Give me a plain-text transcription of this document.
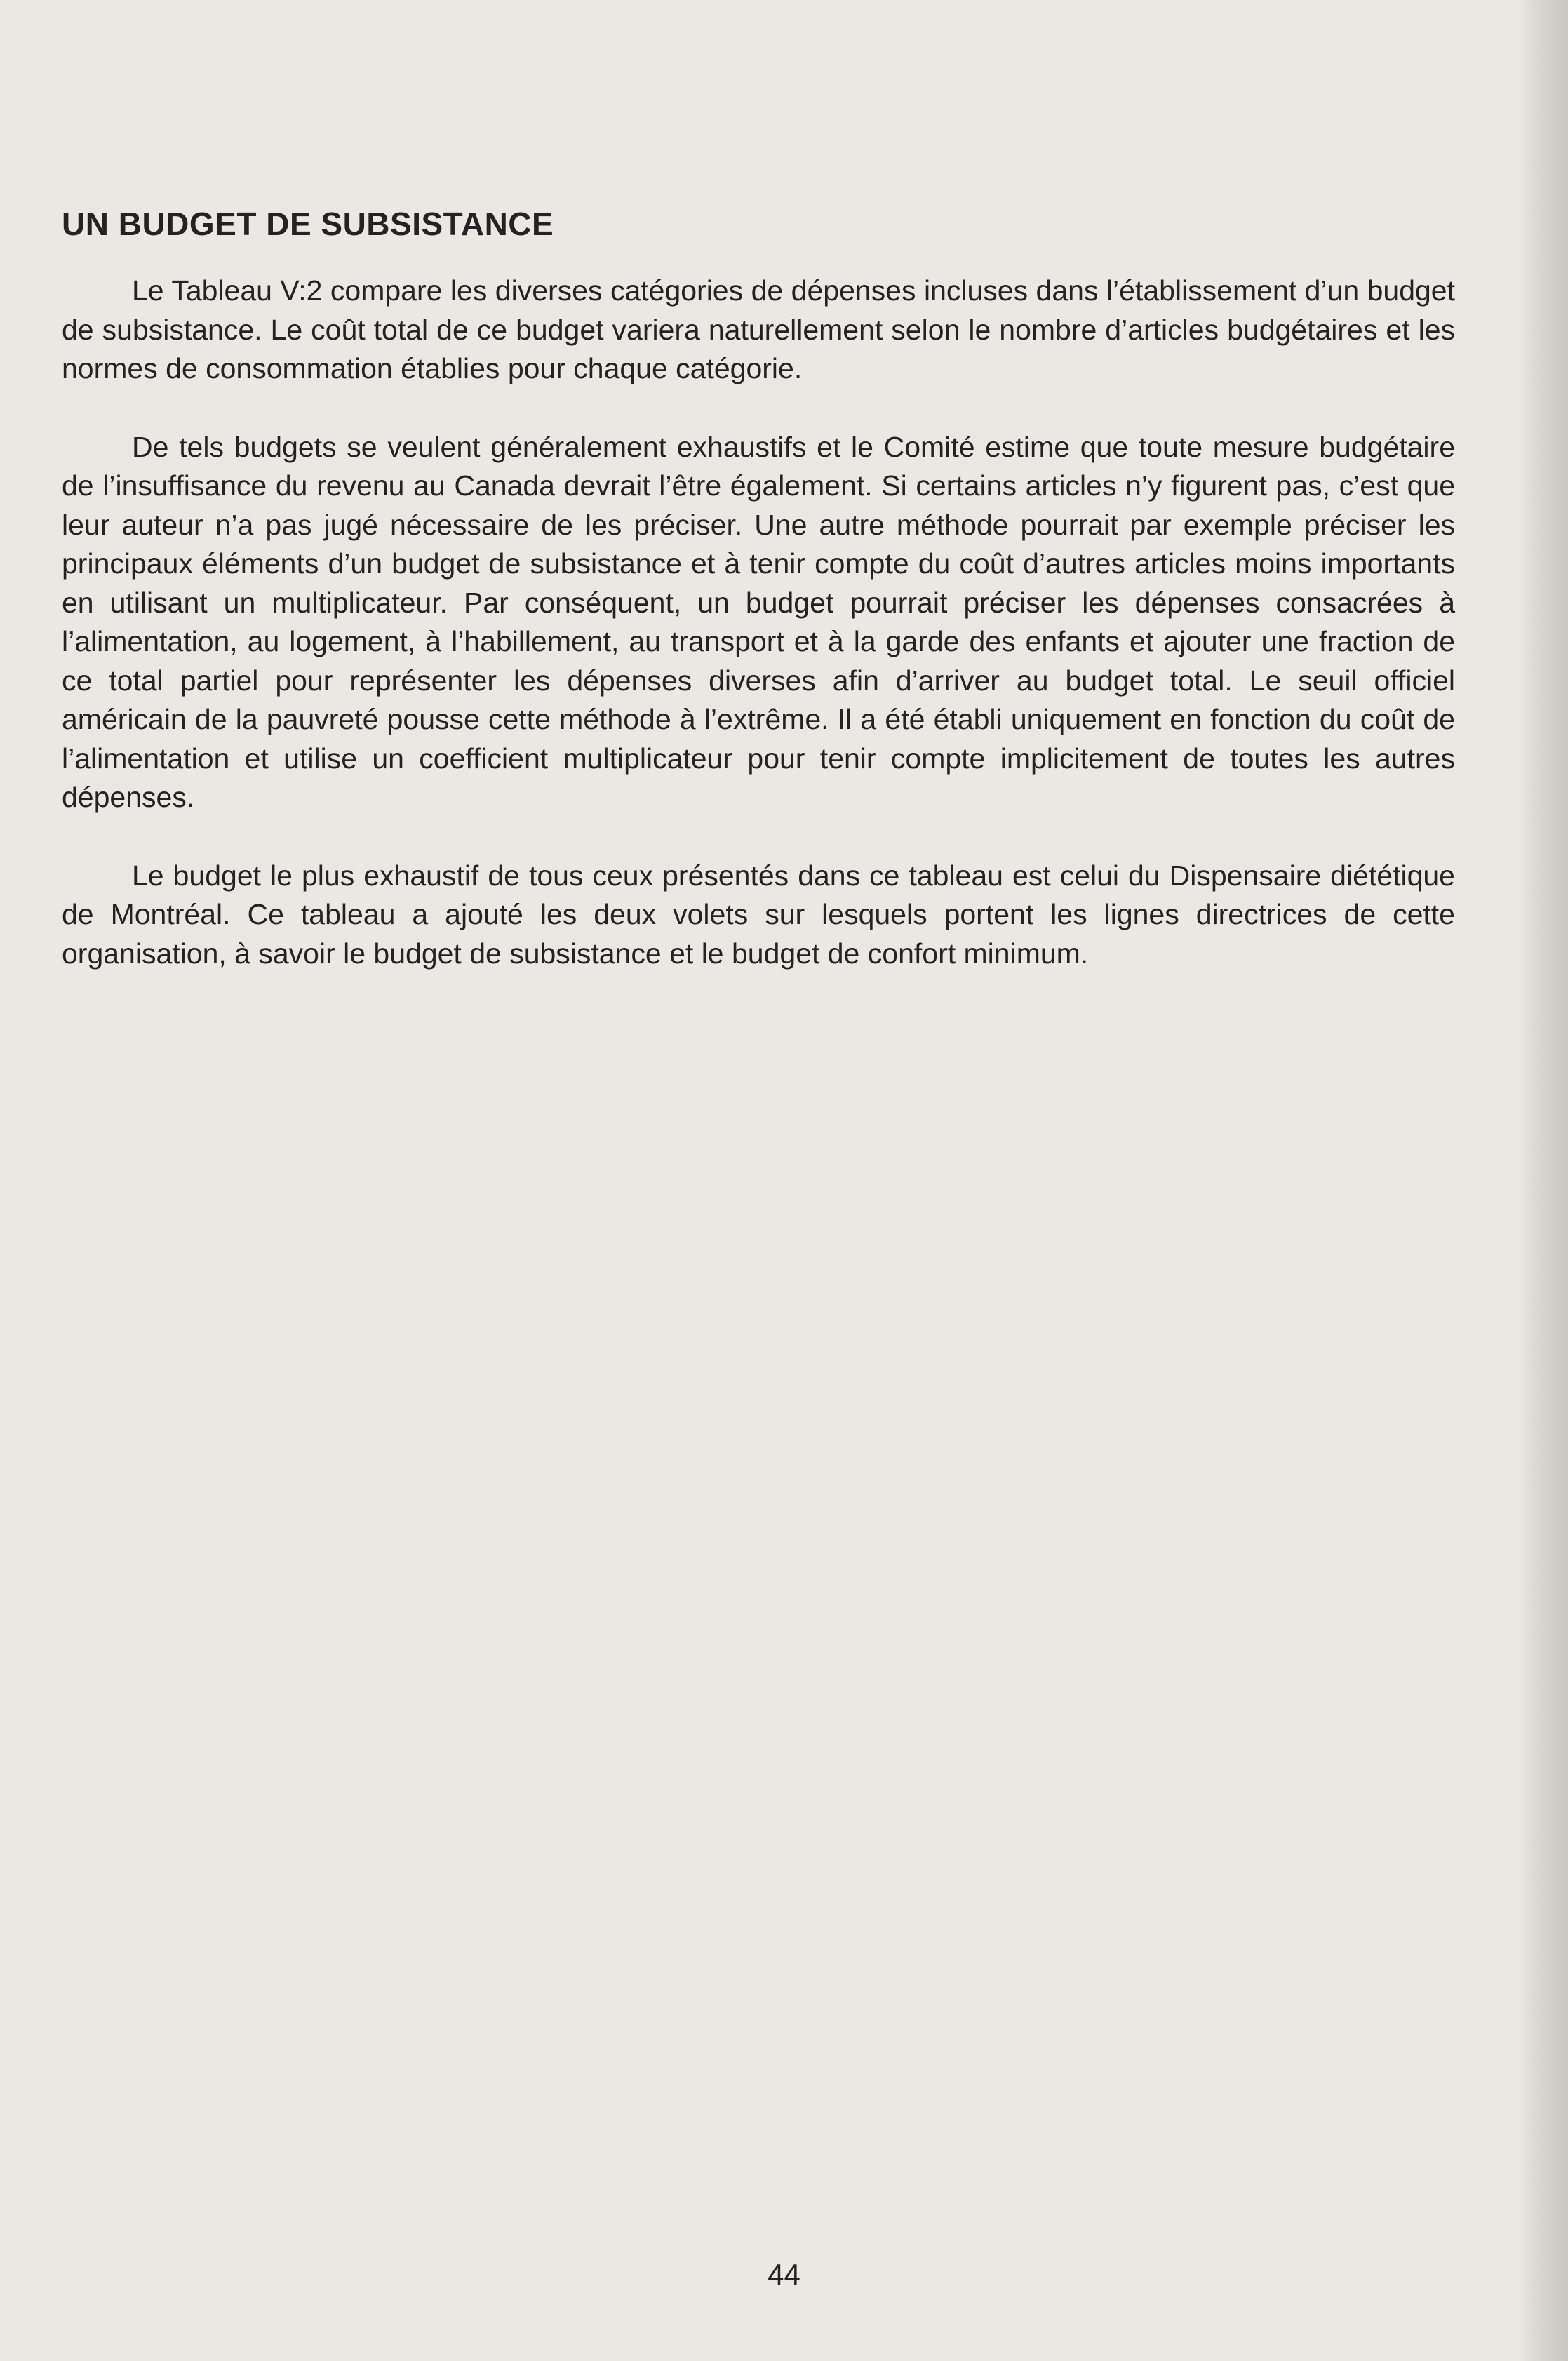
UN BUDGET DE SUBSISTANCE

Le Tableau V:2 compare les diverses catégories de dépenses incluses dans l’établissement d’un budget de subsistance. Le coût total de ce budget variera naturellement selon le nombre d’articles budgétaires et les normes de consommation établies pour chaque catégorie.

De tels budgets se veulent généralement exhaustifs et le Comité estime que toute mesure budgétaire de l’insuffisance du revenu au Canada devrait l’être également. Si certains articles n’y figurent pas, c’est que leur auteur n’a pas jugé nécessaire de les préciser. Une autre méthode pourrait par exemple préciser les principaux éléments d’un budget de subsistance et à tenir compte du coût d’autres articles moins importants en utilisant un multiplicateur. Par conséquent, un budget pourrait préciser les dépenses consacrées à l’alimentation, au logement, à l’habillement, au transport et à la garde des enfants et ajouter une fraction de ce total partiel pour représenter les dépenses diverses afin d’arriver au budget total. Le seuil officiel américain de la pauvreté pousse cette méthode à l’extrême. Il a été établi uniquement en fonction du coût de l’alimentation et utilise un coefficient multiplicateur pour tenir compte implicitement de toutes les autres dépenses.

Le budget le plus exhaustif de tous ceux présentés dans ce tableau est celui du Dispensaire diététique de Montréal. Ce tableau a ajouté les deux volets sur lesquels portent les lignes directrices de cette organisation, à savoir le budget de subsistance et le budget de confort minimum.

44
